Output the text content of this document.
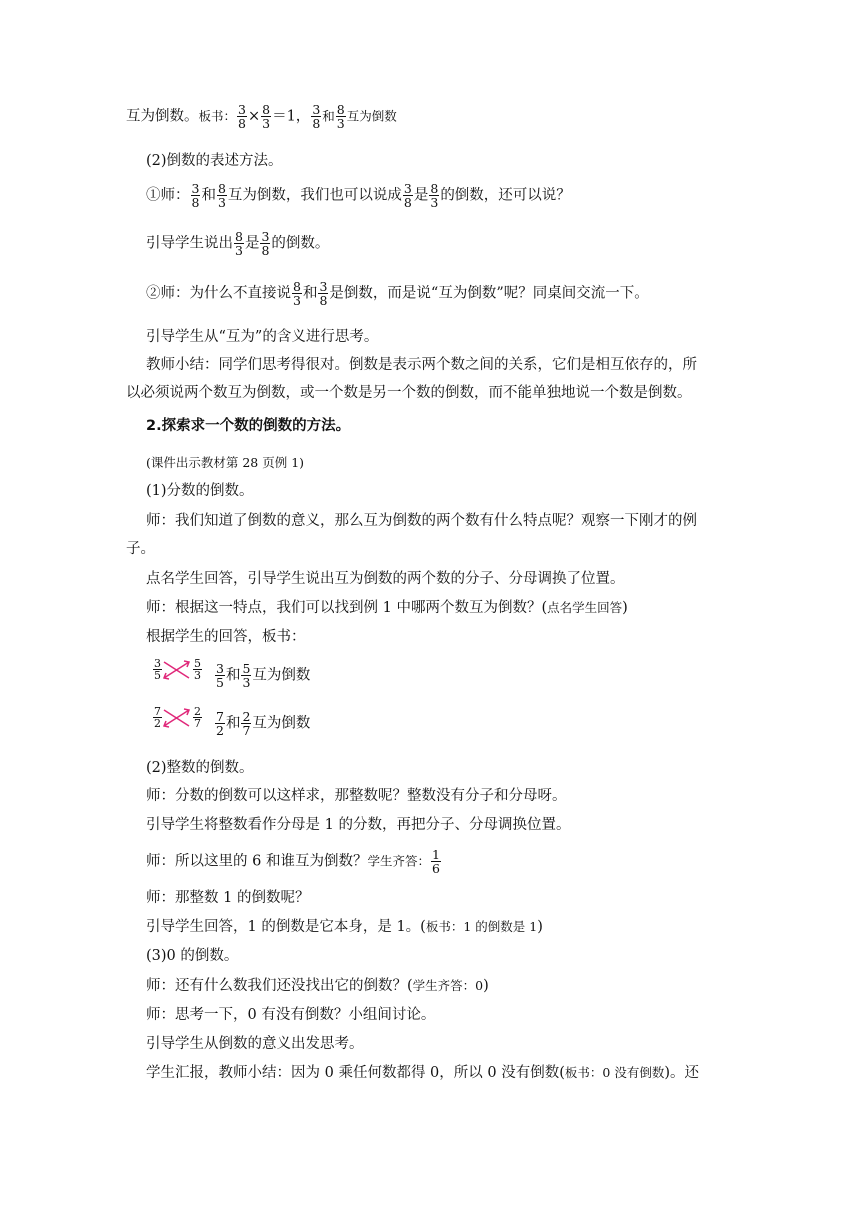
互为倒数。板书： $\frac{3}{8} \times \frac{8}{3} =1$， $\frac{3}{8}$ 和 $\frac{8}{3}$ 互为倒数
(2)倒数的表述方法。
①师： $\frac{3}{8}$ 和 $\frac{8}{3}$ 互为倒数，我们也可以说成 $\frac{3}{8}$ 是 $\frac{8}{3}$ 的倒数，还可以说？
引导学生说出 $\frac{8}{3}$ 是 $\frac{3}{8}$ 的倒数。
②师：为什么不直接说 $\frac{8}{3}$ 和 $\frac{3}{8}$ 是倒数，而是说“互为倒数”呢？同桌间交流一下。
引导学生从“互为”的含义进行思考。
教师小结：同学们思考得很对。倒数是表示两个数之间的关系，它们是相互依存的，所
以必须说两个数互为倒数，或一个数是另一个数的倒数，而不能单独地说一个数是倒数。
2.探索求一个数的倒数的方法。
(课件出示教材第 28 页例 1)
(1)分数的倒数。
师：我们知道了倒数的意义，那么互为倒数的两个数有什么特点呢？观察一下刚才的例
子。
点名学生回答，引导学生说出互为倒数的两个数的分子、分母调换了位置。
师：根据这一特点，我们可以找到例 1 中哪两个数互为倒数？(点名学生回答)
根据学生的回答，板书：
3
5
5
$3 \frac{3}{5}$ 和 $\frac{5}{3}$ 互为倒数
7
2
2
$7 \frac{7}{2}$ 和 $\frac{2}{7}$ 互为倒数
(2)整数的倒数。
师：分数的倒数可以这样求，那整数呢？整数没有分子和分母呀。
引导学生将整数看作分母是 1 的分数，再把分子、分母调换位置。
师：所以这里的 6 和谁互为倒数？学生齐答： $\frac{1}{6}$
师：那整数 1 的倒数呢？
引导学生回答，1 的倒数是它本身，是 1。(板书：1 的倒数是 1)
(3)0 的倒数。
师：还有什么数我们还没找出它的倒数？(学生齐答：0)
师：思考一下，0 有没有倒数？小组间讨论。
引导学生从倒数的意义出发思考。
学生汇报，教师小结：因为 0 乘任何数都得 0，所以 0 没有倒数(板书：0 没有倒数)。还
